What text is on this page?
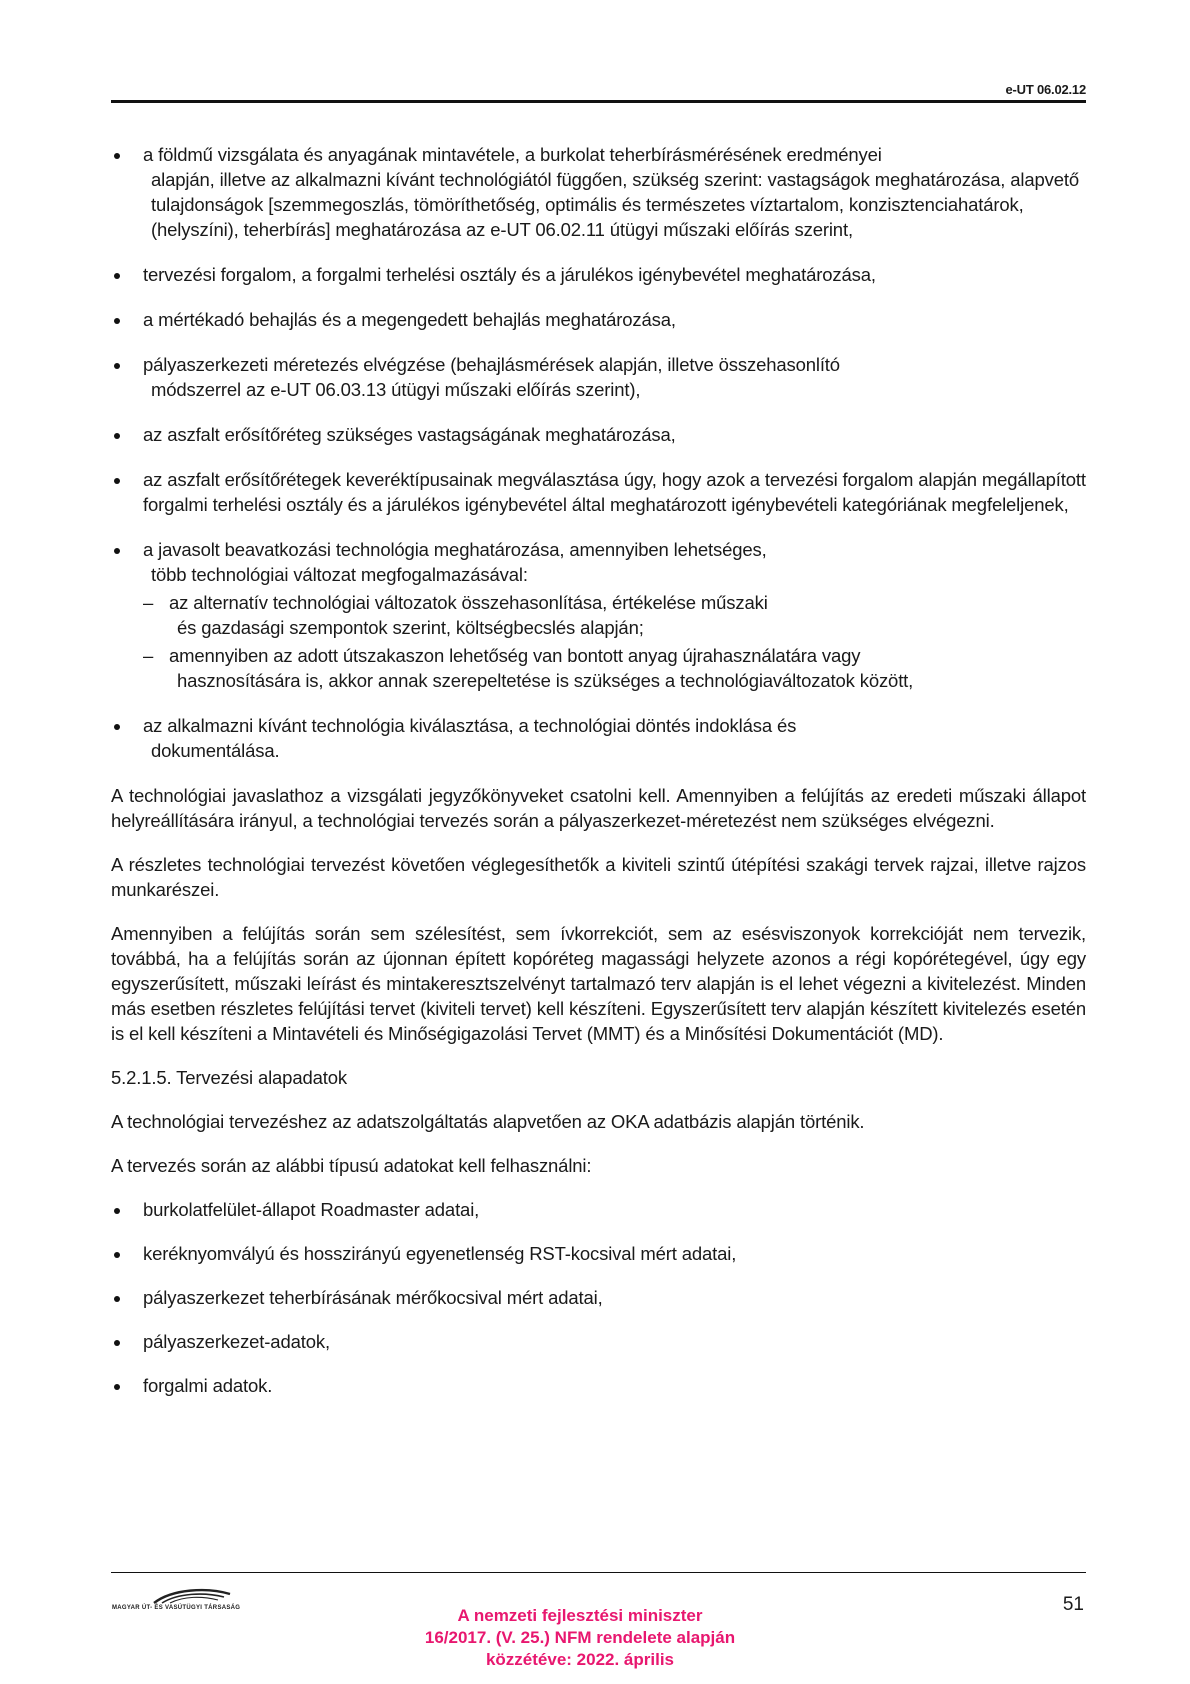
e-UT 06.02.12
a földmű vizsgálata és anyagának mintavétele, a burkolat teherbírásmérésének eredményei
alapján, illetve az alkalmazni kívánt technológiától függően, szükség szerint: vastagságok meghatározása, alapvető tulajdonságok [szemmegoszlás, tömöríthetőség, optimális és természetes víztartalom, konzisztenciahatárok, (helyszíni), teherbírás] meghatározása az e-UT 06.02.11 útügyi műszaki előírás szerint,
tervezési forgalom, a forgalmi terhelési osztály és a járulékos igénybevétel meghatározása,
a mértékadó behajlás és a megengedett behajlás meghatározása,
pályaszerkezeti méretezés elvégzése (behajlásmérések alapján, illetve összehasonlító
módszerrel az e-UT 06.03.13 útügyi műszaki előírás szerint),
az aszfalt erősítőréteg szükséges vastagságának meghatározása,
az aszfalt erősítőrétegek keveréktípusainak megválasztása úgy, hogy azok a tervezési forgalom alapján megállapított forgalmi terhelési osztály és a járulékos igénybevétel által meghatározott igénybevételi kategóriának megfeleljenek,
a javasolt beavatkozási technológia meghatározása, amennyiben lehetséges,
több technológiai változat megfogalmazásával:
– az alternatív technológiai változatok összehasonlítása, értékelése műszaki
és gazdasági szempontok szerint, költségbecslés alapján;
– amennyiben az adott útszakaszon lehetőség van bontott anyag újrahasználatára vagy
hasznosítására is, akkor annak szerepeltetése is szükséges a technológiaváltozatok között,
az alkalmazni kívánt technológia kiválasztása, a technológiai döntés indoklása és
dokumentálása.

A technológiai javaslathoz a vizsgálati jegyzőkönyveket csatolni kell. Amennyiben a felújítás az eredeti műszaki állapot helyreállítására irányul, a technológiai tervezés során a pályaszerkezet-méretezést nem szükséges elvégezni.

A részletes technológiai tervezést követően véglegesíthetők a kiviteli szintű útépítési szakági tervek rajzai, illetve rajzos munkarészei.

Amennyiben a felújítás során sem szélesítést, sem ívkorrekciót, sem az esésviszonyok korrekcióját nem tervezik, továbbá, ha a felújítás során az újonnan épített kopóréteg magassági helyzete azonos a régi kopórétegével, úgy egy egyszerűsített, műszaki leírást és mintakeresztszelvényt tartalmazó terv alapján is el lehet végezni a kivitelezést. Minden más esetben részletes felújítási tervet (kiviteli tervet) kell készíteni. Egyszerűsített terv alapján készített kivitelezés esetén is el kell készíteni a Mintavételi és Minőségigazolási Tervet (MMT) és a Minősítési Dokumentációt (MD).

5.2.1.5. Tervezési alapadatok

A technológiai tervezéshez az adatszolgáltatás alapvetően az OKA adatbázis alapján történik.

A tervezés során az alábbi típusú adatokat kell felhasználni:

burkolatfelület-állapot Roadmaster adatai,
keréknyomvályú és hosszirányú egyenetlenség RST-kocsival mért adatai,
pályaszerkezet teherbírásának mérőkocsival mért adatai,
pályaszerkezet-adatok,
forgalmi adatok.
MAGYAR ÚT- ÉS VASÚTÜGYI TÁRSASÁG	A nemzeti fejlesztési miniszter
16/2017. (V. 25.) NFM rendelete alapján
közzétéve: 2022. április
51
